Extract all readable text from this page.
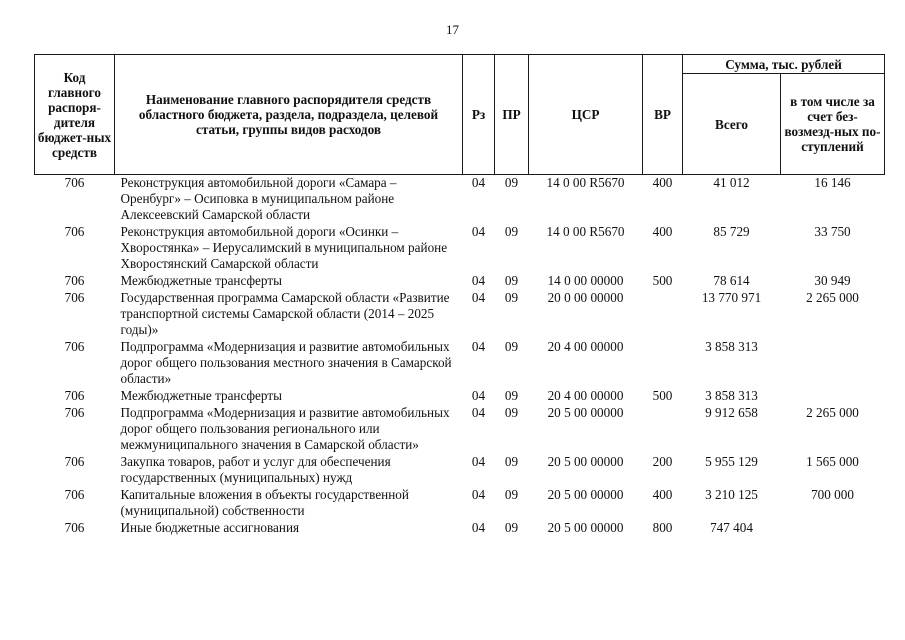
17
Код главного распоря-дителя бюджет-ных средств	Наименование главного распорядителя средств областного бюджета, раздела, подраздела, целевой статьи, группы видов расходов	Рз	ПР	ЦСР	ВР	Сумма, тыс. рублей	
						Всего	в том числе за счет без-возмезд-ных по-ступлений
706	Реконструкция автомобильной дороги «Самара – Оренбург» – Осиповка в муниципальном районе Алексеевский Самарской области	04	09	14 0 00 R5670	400	41 012	16 146
706	Реконструкция автомобильной дороги «Осинки – Хворостянка» – Иерусалимский в муниципальном районе Хворостянский Самарской области	04	09	14 0 00 R5670	400	85 729	33 750
706	Межбюджетные трансферты	04	09	14 0 00 00000	500	78 614	30 949
706	Государственная программа Самарской области «Развитие транспортной системы Самарской области (2014 – 2025 годы)»	04	09	20 0 00 00000		13 770 971	2 265 000
706	Подпрограмма «Модернизация и развитие автомобильных дорог общего пользования местного значения в Самарской области»	04	09	20 4 00 00000		3 858 313	
706	Межбюджетные трансферты	04	09	20 4 00 00000	500	3 858 313	
706	Подпрограмма «Модернизация и развитие автомобильных дорог общего пользования регионального или межмуниципального значения в Самарской области»	04	09	20 5 00 00000		9 912 658	2 265 000
706	Закупка товаров, работ и услуг для обеспечения государственных (муниципальных) нужд	04	09	20 5 00 00000	200	5 955 129	1 565 000
706	Капитальные вложения в объекты государственной (муниципальной) собственности	04	09	20 5 00 00000	400	3 210 125	700 000
706	Иные бюджетные ассигнования	04	09	20 5 00 00000	800	747 404	
